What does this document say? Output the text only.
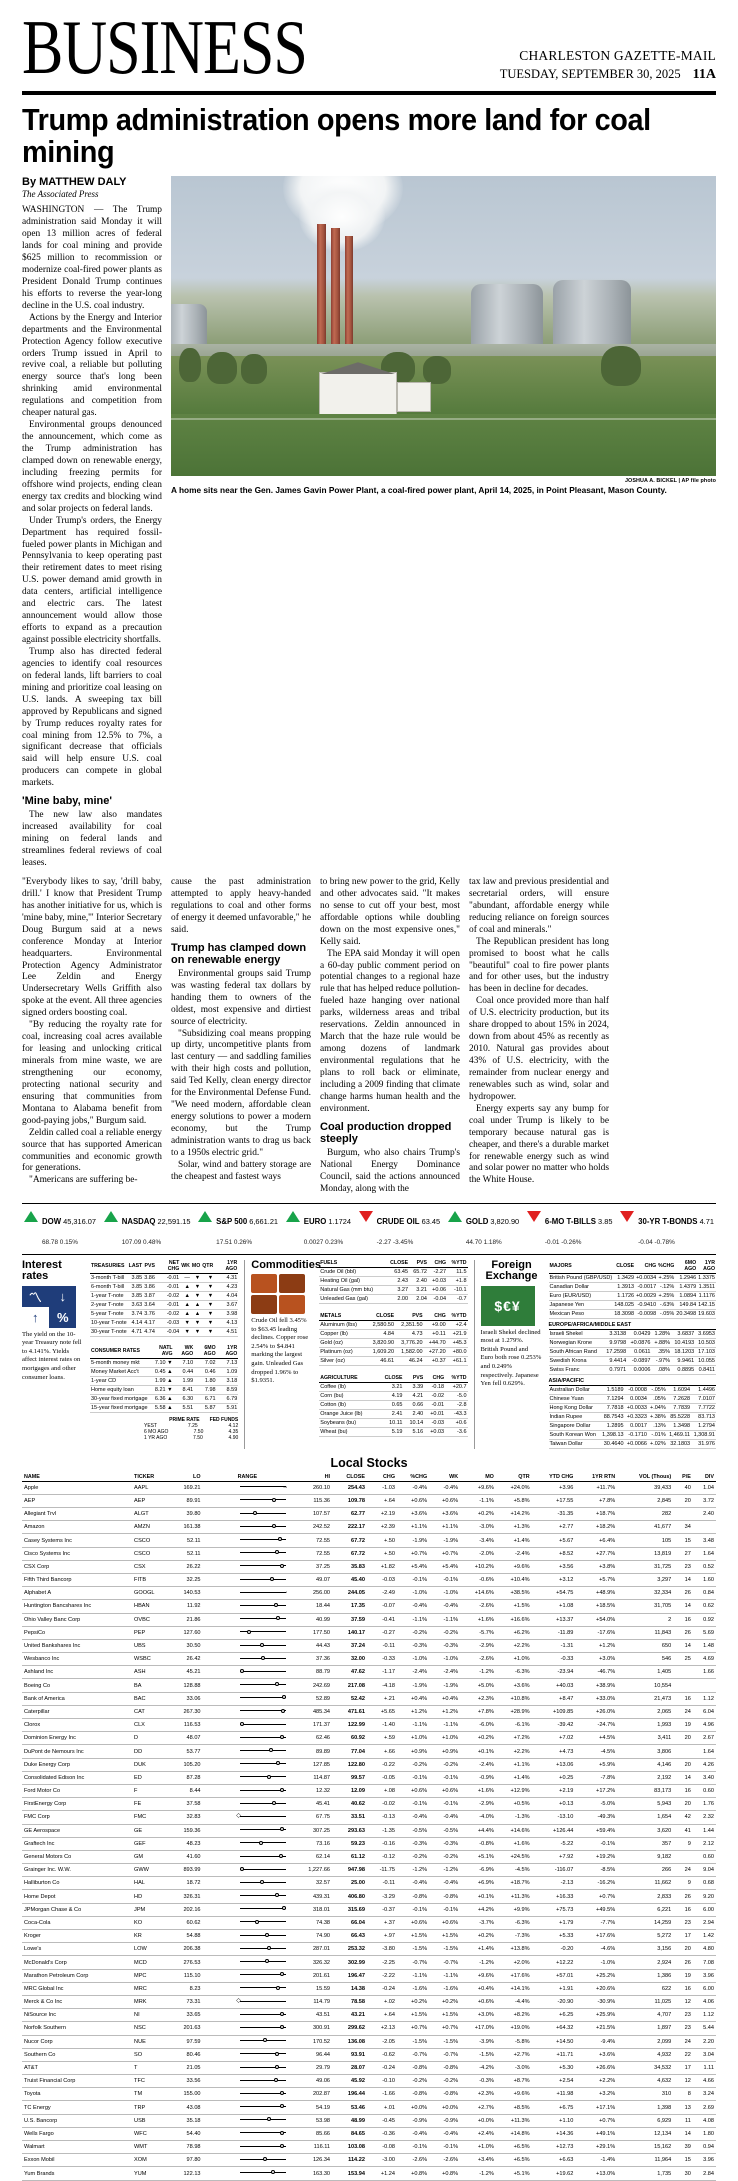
BUSINESS	CHARLESTON GAZETTE-MAIL
TUESDAY, SEPTEMBER 30, 2025 11A
Trump administration opens more land for coal mining
By MATTHEW DALY
The Associated Press

WASHINGTON — The Trump administration said Monday it will open 13 million acres of federal lands for coal mining and provide $625 million to recommission or modernize coal-fired power plants as President Donald Trump continues his efforts to reverse the year-long decline in the U.S. coal industry.

Actions by the Energy and Interior departments and the Environmental Protection Agency follow executive orders Trump issued in April to revive coal, a reliable but polluting energy source that's long been shrinking amid environmental regulations and competition from cheaper natural gas.

Environmental groups denounced the announcement, which come as the Trump administration has clamped down on renewable energy, including freezing permits for offshore wind projects, ending clean energy tax credits and blocking wind and solar projects on federal lands.

Under Trump's orders, the Energy Department has required fossil-fueled power plants in Michigan and Pennsylvania to keep operating past their retirement dates to meet rising U.S. power demand amid growth in data centers, artificial intelligence and electric cars. The latest announcement would allow those efforts to expand as a precaution against possible electricity shortfalls.

Trump also has directed federal agencies to identify coal resources on federal lands, lift barriers to coal mining and prioritize coal leasing on U.S. lands. A sweeping tax bill approved by Republicans and signed by Trump reduces royalty rates for coal mining from 12.5% to 7%, a significant decrease that officials said will help ensure U.S. coal producers can compete in global markets.

'Mine baby, mine'

The new law also mandates increased availability for coal mining on federal lands and streamlines federal reviews of coal leases.

JOSHUA A. BICKEL | AP file photo
A home sits near the Gen. James Gavin Power Plant, a coal-fired power plant, April 14, 2025, in Point Pleasant, Mason County.

"Everybody likes to say, 'drill baby, drill.' I know that President Trump has another initiative for us, which is 'mine baby, mine,'" Interior Secretary Doug Burgum said at a news conference Monday at Interior headquarters. Environmental Protection Agency Administrator Lee Zeldin and Energy Undersecretary Wells Griffith also spoke at the event. All three agencies signed orders boosting coal.

"By reducing the royalty rate for coal, increasing coal acres available for leasing and unlocking critical minerals from mine waste, we are strengthening our economy, protecting national security and ensuring that communities from Montana to Alabama benefit from good-paying jobs," Burgum said.

Zeldin called coal a reliable energy source that has supported American communities and economic growth for generations.

"Americans are suffering be-

cause the past administration attempted to apply heavy-handed regulations to coal and other forms of energy it deemed unfavorable," he said.

Trump has clamped down on renewable energy

Environmental groups said Trump was wasting federal tax dollars by handing them to owners of the oldest, most expensive and dirtiest source of electricity.

"Subsidizing coal means propping up dirty, uncompetitive plants from last century — and saddling families with their high costs and pollution, said Ted Kelly, clean energy director for the Environmental Defense Fund. "We need modern, affordable clean energy solutions to power a modern economy, but the Trump administration wants to drag us back to a 1950s electric grid."

Solar, wind and battery storage are the cheapest and fastest ways

to bring new power to the grid, Kelly and other advocates said. "It makes no sense to cut off your best, most affordable options while doubling down on the most expensive ones," Kelly said.

The EPA said Monday it will open a 60-day public comment period on potential changes to a regional haze rule that has helped reduce pollution-fueled haze hanging over national parks, wilderness areas and tribal reservations. Zeldin announced in March that the haze rule would be among dozens of landmark environmental regulations that he plans to roll back or eliminate, including a 2009 finding that climate change harms human health and the environment.

Coal production dropped steeply

Burgum, who also chairs Trump's National Energy Dominance Council, said the actions announced Monday, along with the

tax law and previous presidential and secretarial orders, will ensure "abundant, affordable energy while reducing reliance on foreign sources of coal and minerals."

The Republican president has long promised to boost what he calls "beautiful" coal to fire power plants and for other uses, but the industry has been in decline for decades.

Coal once provided more than half of U.S. electricity production, but its share dropped to about 15% in 2024, down from about 45% as recently as 2010. Natural gas provides about 43% of U.S. electricity, with the remainder from nuclear energy and renewables such as wind, solar and hydropower.

Energy experts say any bump for coal under Trump is likely to be temporary because natural gas is cheaper, and there's a durable market for renewable energy such as wind and solar power no matter who holds the White House.

DOW 45,316.07
68.78 0.15%
NASDAQ 22,591.15
107.09 0.48%
S&P 500 6,661.21
17.51 0.26%
EURO 1.1724
0.0027 0.23%
CRUDE OIL 63.45
-2.27 -3.45%
GOLD 3,820.90
44.70 1.18%
6-MO T-BILLS 3.85
-0.01 -0.26%
30-YR T-BONDS 4.71
-0.04 -0.78%
Interest rates
〽	↓
↑	%
The yield on the 10-year Treasury note fell to 4.141%. Yields affect interest rates on mortgages and other consumer loans.
TREASURIES	LAST	PVS	NET CHG	WK	MO	QTR	1YR AGO
3-month T-bill	3.85	3.86	-0.01	—	▼	▼	4.31
6-month T-bill	3.85	3.86	-0.01	▲	▼	▼	4.23
1-year T-note	3.85	3.87	-0.02	▲	▼	▼	4.04
2-year T-note	3.63	3.64	-0.01	▲	▲	▼	3.67
5-year T-note	3.74	3.76	-0.02	▲	▲	▼	3.98
10-year T-note	4.14	4.17	-0.03	▼	▼	▼	4.13
30-year T-note	4.71	4.74	-0.04	▼	▼	▼	4.51
CONSUMER RATES	NATL AVG	WK AGO	6MO AGO	1YR AGO
5-month money mkt	7.10 ▼	7.10	7.02	7.13
Money Market Acc't	0.45 ▲	0.44	0.46	1.09
1-year CD	1.99 ▲	1.99	1.80	3.18
Home equity loan	8.21 ▼	8.41	7.98	8.59
30-year fixed mortgage	6.36 ▲	6.30	6.71	6.79
15-year fixed mortgage	5.58 ▲	5.51	5.87	5.91
PRIME RATE FED FUNDS
YEST	7.25	4.12
6 MO AGO	7.50	4.35
1 YR AGO	7.50	4.90
Commodities
Crude Oil fell 3.45% to $63.45 leading declines. Copper rose 2.54% to $4.841 marking the largest gain. Unleaded Gas dropped 1.96% to $1.9351.
FUELS	CLOSE	PVS	CHG	%YTD
Crude Oil (bbl)	63.45	65.72	-2.27	11.5
Heating Oil (gal)	2.43	2.40	+0.03	+1.8
Natural Gas (mm btu)	3.27	3.21	+0.06	-10.1
Unleaded Gas (gal)	2.00	2.04	-0.04	-0.7

METALS	CLOSE	PVS	CHG	%YTD
Aluminum (lbs)	2,580.50	2,351.50	+9.00	+2.4
Copper (lb)	4.84	4.73	+0.11	+21.9
Gold (oz)	3,820.90	3,776.20	+44.70	+45.3
Platinum (oz)	1,609.20	1,582.00	+27.20	+80.0
Silver (oz)	46.61	46.24	+0.37	+61.1

AGRICULTURE	CLOSE	PVS	CHG	%YTD
Coffee (lb)	3.21	3.39	-0.18	+20.7
Corn (bu)	4.19	4.21	-0.02	-5.0
Cotton (lb)	0.65	0.66	-0.01	-2.8
Orange Juice (lb)	2.41	2.40	+0.01	-43.3
Soybeans (bu)	10.11	10.14	-0.03	+0.6
Wheat (bu)	5.19	5.16	+0.03	-3.6
Foreign Exchange
$€¥
Israeli Shekel declined most at 1.279%. British Pound and Euro both rose 0.253% and 0.249% respectively. Japanese Yen fell 0.629%.
MAJORS	CLOSE	CHG	%CHG	6MO AGO	1YR AGO
British Pound (GBP/USD)	1.3429	+0.0034	+.25%	1.2946	1.3375
Canadian Dollar	1.3913	-0.0017	-.12%	1.4379	1.3511
Euro (EUR/USD)	1.1726	+0.0029	+.25%	1.0894	1.1176
Japanese Yen	148.025	-0.9410	-.63%	149.84	142.15
Mexican Peso	18.3098	-0.0098	-.05%	20.3498	19.603
EUROPE/AFRICA/MIDDLE EAST

Israeli Shekel	3.3138	0.0429	1.28%	3.6837	3.6953
Norwegian Krone	9.9798	+0.0876	+.88%	10.4193	10.503
South African Rand	17.2598	0.0611	.35%	18.1203	17.103
Swedish Krona	9.4414	-0.0897	-.97%	9.9461	10.055
Swiss Franc	0.7971	0.0006	.08%	0.8895	0.8411
ASIA/PACIFIC

Australian Dollar	1.5189	-0.0008	-.05%	1.6094	1.4496
Chinese Yuan	7.1294	0.0034	.05%	7.2628	7.0107
Hong Kong Dollar	7.7818	+0.0033	+.04%	7.7839	7.7722
Indian Rupee	88.7543	+0.3323	+.38%	85.5228	83.713
Singapore Dollar	1.2895	0.0017	.13%	1.3498	1.2794
South Korean Won	1,398.13	-0.1710	-.01%	1,469.11	1,308.91
Taiwan Dollar	30.4640	+0.0066	+.02%	32.1803	31.976
Local Stocks
NAME	TICKER	LO	RANGE	HI	CLOSE	CHG	%CHG	WK	MO	QTR	YTD CHG	1YR RTN	VOL (Thous)	P/E	DIV
Apple	AAPL	169.21	→	260.10	254.43	-1.03	-0.4%	-0.4%	+9.6%	+24.0%	+3.96	+11.7%	39,433	40	1.04
AEP	AEP	89.91		115.36	109.78	+.64	+0.6%	+0.6%	-1.1%	+5.8%	+17.55	+7.8%	2,845	20	3.72
Allegiant Trvl	ALGT	39.80		107.57	62.77	+2.19	+3.6%	+3.6%	+0.2%	+14.2%	-31.35	+18.7%	282		2.40
Amazon	AMZN	161.38		242.52	222.17	+2.39	+1.1%	+1.1%	-3.0%	+1.3%	+2.77	+18.2%	41,677	34	
Casey Systems Inc	CSCO	52.11		72.55	67.72	+.50	-1.9%	-1.9%	-3.4%	+1.4%	+5.67	+6.4%	105	15	3.48
Cisco Systems Inc	CSCO	52.11		72.55	67.72	+.50	+0.7%	+0.7%	-2.0%	-2.4%	+8.52	+27.7%	13,819	27	1.64
CSX Corp	CSX	26.22		37.25	35.83	+1.82	+5.4%	+5.4%	+10.2%	+9.6%	+3.56	+3.8%	31,725	23	0.52
Fifth Third Bancorp	FITB	32.25		49.07	45.40	-0.03	-0.1%	-0.1%	-0.6%	+10.4%	+3.12	+5.7%	3,297	14	1.60
Alphabet A	GOOGL	140.53	→	256.00	244.05	-2.49	-1.0%	-1.0%	+14.6%	+38.5%	+54.75	+48.9%	32,334	26	0.84
Huntington Bancshares Inc	HBAN	11.92		18.44	17.35	-0.07	-0.4%	-0.4%	-2.6%	+1.5%	+1.08	+18.5%	31,705	14	0.62
Ohio Valley Banc Corp	OVBC	21.86		40.99	37.59	-0.41	-1.1%	-1.1%	+1.6%	+16.6%	+13.37	+54.0%	2	16	0.92
PepsiCo	PEP	127.60		177.50	140.17	-0.27	-0.2%	-0.2%	-5.7%	+6.2%	-11.89	-17.6%	11,843	26	5.69
United Bankshares Inc	UBS	30.50		44.43	37.24	-0.11	-0.3%	-0.3%	-2.9%	+2.2%	-1.31	+1.2%	650	14	1.48
Wesbanco Inc	WSBC	26.42		37.36	32.00	-0.33	-1.0%	-1.0%	-2.6%	+1.0%	-0.33	+3.0%	546	25	4.69
Ashland Inc	ASH	45.21		88.79	47.62	-1.17	-2.4%	-2.4%	-1.2%	-6.3%	-23.94	-46.7%	1,405		1.66
Boeing Co	BA	128.88		242.69	217.08	-4.18	-1.9%	-1.9%	+5.0%	+3.6%	+40.03	+38.9%	10,554		
Bank of America	BAC	33.06		52.89	52.42	+.21	+0.4%	+0.4%	+2.3%	+10.8%	+8.47	+33.0%	21,473	16	1.12
Caterpillar	CAT	267.30		485.34	471.61	+5.65	+1.2%	+1.2%	+7.8%	+28.9%	+109.85	+26.0%	2,065	24	6.04
Clorox	CLX	116.53		171.37	122.99	-1.40	-1.1%	-1.1%	-6.0%	-6.1%	-39.42	-24.7%	1,993	19	4.96
Dominion Energy Inc	D	48.07		62.46	60.92	+.59	+1.0%	+1.0%	+0.2%	+7.2%	+7.02	+4.5%	3,411	20	2.67
DuPont de Nemours Inc	DD	53.77		89.89	77.04	+.66	+0.9%	+0.9%	+0.1%	+2.2%	+4.73	-4.5%	3,806		1.64
Duke Energy Corp	DUK	105.20		127.85	122.80	-0.22	-0.2%	-0.2%	-2.4%	+1.1%	+13.06	+5.9%	4,146	20	4.26
Consolidated Edison Inc	ED	87.28		114.87	99.57	-0.05	-0.1%	-0.1%	-0.9%	+1.4%	+0.25	-7.8%	2,192	14	3.40
Ford Motor Co	F	8.44		12.32	12.09	+.08	+0.6%	+0.6%	+1.6%	+12.9%	+2.19	+17.2%	83,173	16	0.60
FirstEnergy Corp	FE	37.58		45.41	40.62	-0.02	-0.1%	-0.1%	-2.9%	+0.5%	+0.13	-5.0%	5,943	20	1.76
FMC Corp	FMC	32.83	◇	67.75	33.51	-0.13	-0.4%	-0.4%	-4.0%	-1.3%	-13.10	-49.3%	1,654	42	2.32
GE Aerospace	GE	159.36		307.25	293.63	-1.35	-0.5%	-0.5%	+4.4%	+14.6%	+126.44	+59.4%	3,620	41	1.44
Graftech Inc	GEF	48.23		73.16	59.23	-0.16	-0.3%	-0.3%	-0.8%	+1.6%	-5.22	-0.1%	357	9	2.12
General Motors Co	GM	41.60		62.14	61.12	-0.12	-0.2%	-0.2%	+5.1%	+24.5%	+7.92	+19.2%	9,182		0.60
Grainger Inc. W.W.	GWW	893.99		1,227.66	947.98	-11.75	-1.2%	-1.2%	-6.9%	-4.5%	-116.07	-8.5%	266	24	9.04
Halliburton Co	HAL	18.72		32.57	25.00	-0.11	-0.4%	-0.4%	+6.9%	+18.7%	-2.13	-16.2%	11,662	9	0.68
Home Depot	HD	326.31		439.31	406.80	-3.29	-0.8%	-0.8%	+0.1%	+11.3%	+16.33	+0.7%	2,833	26	9.20
JPMorgan Chase & Co	JPM	202.16		318.01	315.69	-0.37	-0.1%	-0.1%	+4.2%	+9.9%	+75.73	+49.5%	6,221	16	6.00
Coca-Cola	KO	60.62		74.38	66.04	+.37	+0.6%	+0.6%	-3.7%	-6.3%	+1.79	-7.7%	14,259	23	2.94
Kroger	KR	54.88		74.90	66.43	+.97	+1.5%	+1.5%	+0.2%	-7.3%	+5.33	+17.6%	5,272	17	1.42
Lowe's	LOW	206.38		287.01	253.32	-3.80	-1.5%	-1.5%	+1.4%	+13.8%	-0.20	-4.6%	3,156	20	4.80
McDonald's Corp	MCD	276.53		326.32	302.99	-2.25	-0.7%	-0.7%	-1.2%	+2.0%	+12.22	-1.0%	2,924	26	7.08
Marathon Petroleum Corp	MPC	115.10		201.61	196.47	-2.22	-1.1%	-1.1%	+9.6%	+17.6%	+57.01	+25.2%	1,386	19	3.96
MRC Global Inc	MRC	8.23		15.59	14.38	-0.24	-1.6%	-1.6%	+0.4%	+14.1%	+1.91	+20.6%	622	16	6.00
Merck & Co Inc	MRK	73.31	◇	114.79	78.58	+.02	+0.2%	+0.2%	+0.6%	-4.4%	-20.90	-30.9%	11,025	12	4.06
NiSource Inc	NI	33.65		43.51	43.21	+.64	+1.5%	+1.5%	+3.0%	+8.2%	+6.25	+25.9%	4,707	23	1.12
Norfolk Southern	NSC	201.63		300.91	299.62	+2.13	+0.7%	+0.7%	+17.0%	+19.0%	+64.32	+21.5%	1,897	23	5.44
Nucor Corp	NUE	97.59		170.52	136.08	-2.05	-1.5%	-1.5%	-3.9%	-5.8%	+14.50	-9.4%	2,099	24	2.20
Southern Co	SO	80.46		96.44	93.91	-0.62	-0.7%	-0.7%	-1.5%	+2.7%	+11.71	+3.6%	4,932	22	3.04
AT&T	T	21.05		29.79	28.07	-0.24	-0.8%	-0.8%	-4.2%	-3.0%	+5.30	+26.6%	34,532	17	1.11
Truist Financial Corp	TFC	33.56		49.06	45.92	-0.10	-0.2%	-0.2%	-0.3%	+8.7%	+2.54	+2.2%	4,632	12	4.66
Toyota	TM	155.00		202.87	196.44	-1.66	-0.8%	-0.8%	+2.3%	+9.6%	+11.98	+3.2%	310	8	3.24
TC Energy	TRP	43.08		54.19	53.46	+.01	+0.0%	+0.0%	+2.7%	+8.5%	+6.75	+17.1%	1,398	13	2.69
U.S. Bancorp	USB	35.18		53.98	48.99	-0.45	-0.9%	-0.9%	+0.0%	+11.3%	+1.10	+0.7%	6,929	11	4.08
Wells Fargo	WFC	54.40		85.66	84.65	-0.36	-0.4%	-0.4%	+2.4%	+14.8%	+14.36	+49.1%	12,134	14	1.80
Walmart	WMT	78.98		116.11	103.08	-0.08	-0.1%	-0.1%	+1.0%	+6.5%	+12.73	+29.1%	15,162	39	0.94
Exxon Mobil	XOM	97.80		126.34	114.22	-3.00	-2.6%	-2.6%	+3.4%	+6.5%	+6.63	-1.4%	11,964	15	3.96
Yum Brands	YUM	122.13		163.30	153.94	+1.24	+0.8%	+0.8%	-1.2%	+5.1%	+19.62	+13.0%	1,735	30	2.84
